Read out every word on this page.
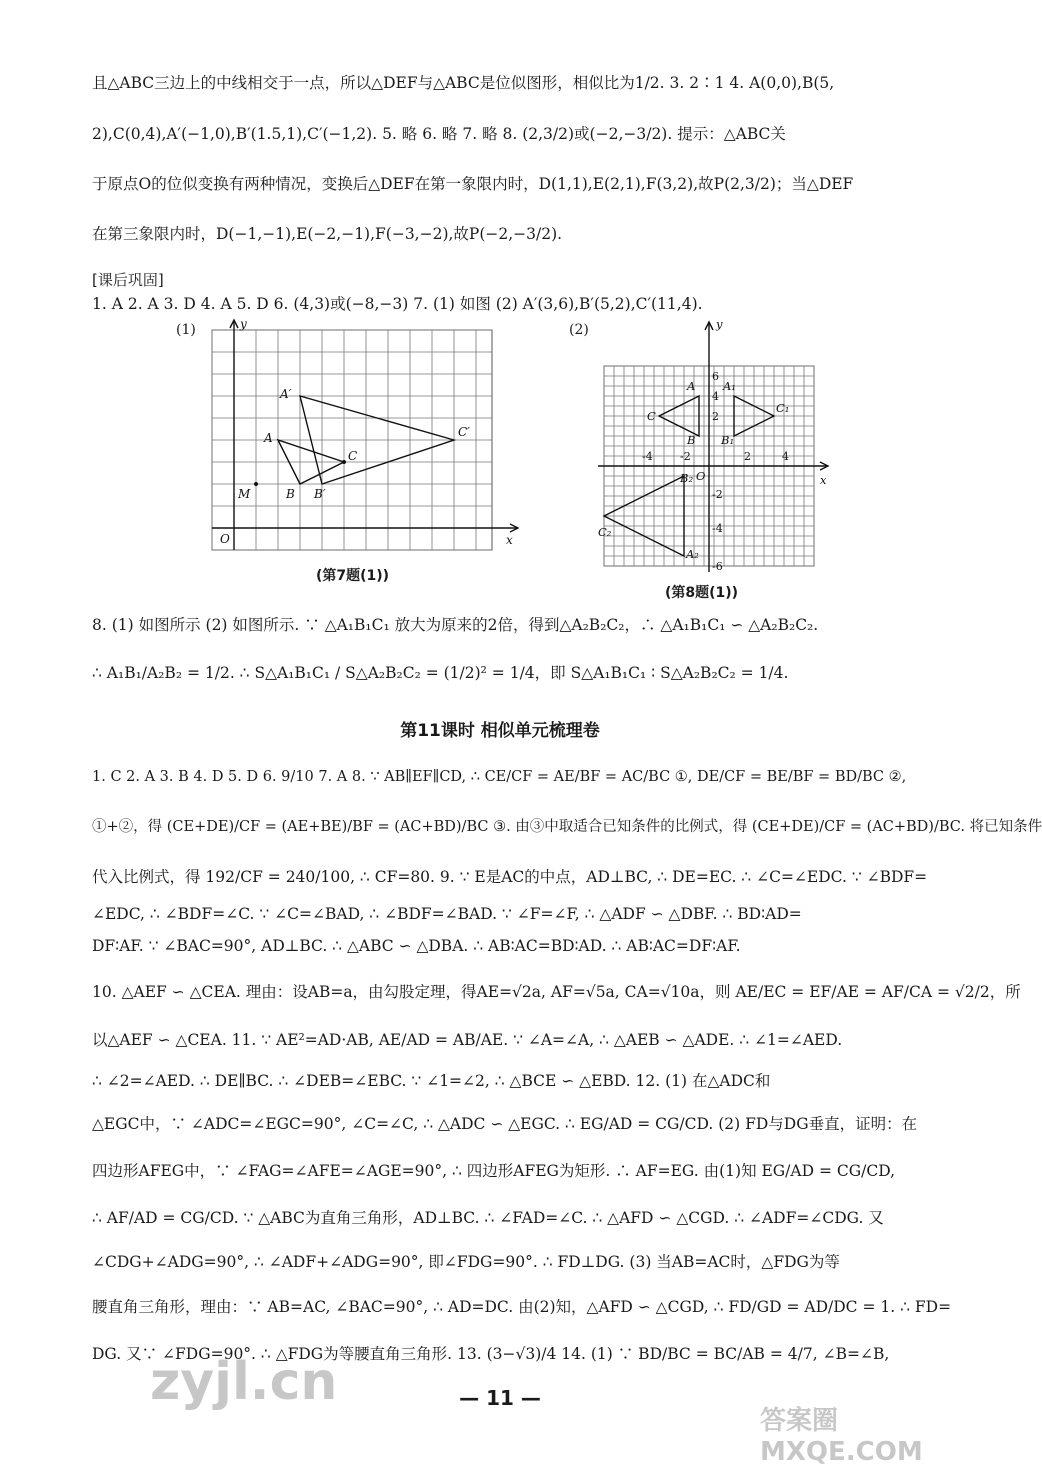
且△ABC三边上的中线相交于一点，所以△DEF与△ABC是位似图形，相似比为1/2. 3. 2∶1 4. A(0,0),B(5,
2),C(0,4),A′(−1,0),B′(1.5,1),C′(−1,2). 5. 略 6. 略 7. 略 8. (2,3/2)或(−2,−3/2). 提示：△ABC关
于原点O的位似变换有两种情况，变换后△DEF在第一象限内时，D(1,1),E(2,1),F(3,2),故P(2,3/2)；当△DEF
在第三象限内时，D(−1,−1),E(−2,−1),F(−3,−2),故P(−2,−3/2).
[课后巩固]
1. A 2. A 3. D 4. A 5. D 6. (4,3)或(−8,−3) 7. (1) 如图 (2) A′(3,6),B′(5,2),C′(11,4).
(1)	y
x
O
A
B
C
A′
B′
C′
M
(第7题(1))
(2)	y
x
O
A
B
C
A₁
B₁
C₁
A₂
B₂
C₂
-4 -2	2	4
6
4
2
-2
-4
-6
(第8题(1))
8. (1) 如图所示 (2) 如图所示. ∵ △A₁B₁C₁ 放大为原来的2倍，得到△A₂B₂C₂，∴ △A₁B₁C₁ ∽ △A₂B₂C₂.
∴ A₁B₁/A₂B₂ = 1/2. ∴ S△A₁B₁C₁ / S△A₂B₂C₂ = (1/2)² = 1/4，即 S△A₁B₁C₁ ∶ S△A₂B₂C₂ = 1/4.
第11课时 相似单元梳理卷
1. C 2. A 3. B 4. D 5. D 6. 9/10 7. A 8. ∵ AB∥EF∥CD, ∴ CE/CF = AE/BF = AC/BC ①, DE/CF = BE/BF = BD/BC ②,
①+②，得 (CE+DE)/CF = (AE+BE)/BF = (AC+BD)/BC ③. 由③中取适合已知条件的比例式，得 (CE+DE)/CF = (AC+BD)/BC. 将已知条件
代入比例式，得 192/CF = 240/100, ∴ CF=80. 9. ∵ E是AC的中点，AD⊥BC, ∴ DE=EC. ∴ ∠C=∠EDC. ∵ ∠BDF=
∠EDC, ∴ ∠BDF=∠C. ∵ ∠C=∠BAD, ∴ ∠BDF=∠BAD. ∵ ∠F=∠F, ∴ △ADF ∽ △DBF. ∴ BD∶AD=
DF∶AF. ∵ ∠BAC=90°, AD⊥BC. ∴ △ABC ∽ △DBA. ∴ AB∶AC=BD∶AD. ∴ AB∶AC=DF∶AF.
10. △AEF ∽ △CEA. 理由：设AB=a，由勾股定理，得AE=√2a, AF=√5a, CA=√10a，则 AE/EC = EF/AE = AF/CA = √2/2，所
以△AEF ∽ △CEA. 11. ∵ AE²=AD·AB, AE/AD = AB/AE. ∵ ∠A=∠A, ∴ △AEB ∽ △ADE. ∴ ∠1=∠AED.
∴ ∠2=∠AED. ∴ DE∥BC. ∴ ∠DEB=∠EBC. ∵ ∠1=∠2, ∴ △BCE ∽ △EBD. 12. (1) 在△ADC和
△EGC中，∵ ∠ADC=∠EGC=90°, ∠C=∠C, ∴ △ADC ∽ △EGC. ∴ EG/AD = CG/CD. (2) FD与DG垂直，证明：在
四边形AFEG中，∵ ∠FAG=∠AFE=∠AGE=90°, ∴ 四边形AFEG为矩形. ∴ AF=EG. 由(1)知 EG/AD = CG/CD,
∴ AF/AD = CG/CD. ∵ △ABC为直角三角形，AD⊥BC. ∴ ∠FAD=∠C. ∴ △AFD ∽ △CGD. ∴ ∠ADF=∠CDG. 又
∠CDG+∠ADG=90°, ∴ ∠ADF+∠ADG=90°, 即∠FDG=90°. ∴ FD⊥DG. (3) 当AB=AC时，△FDG为等
腰直角三角形，理由：∵ AB=AC, ∠BAC=90°, ∴ AD=DC. 由(2)知，△AFD ∽ △CGD, ∴ FD/GD = AD/DC = 1. ∴ FD=
DG. 又∵ ∠FDG=90°. ∴ △FDG为等腰直角三角形. 13. (3−√3)/4 14. (1) ∵ BD/BC = BC/AB = 4/7, ∠B=∠B,
— 11 —
zyjl.cn
答案圈 MXQE.COM
